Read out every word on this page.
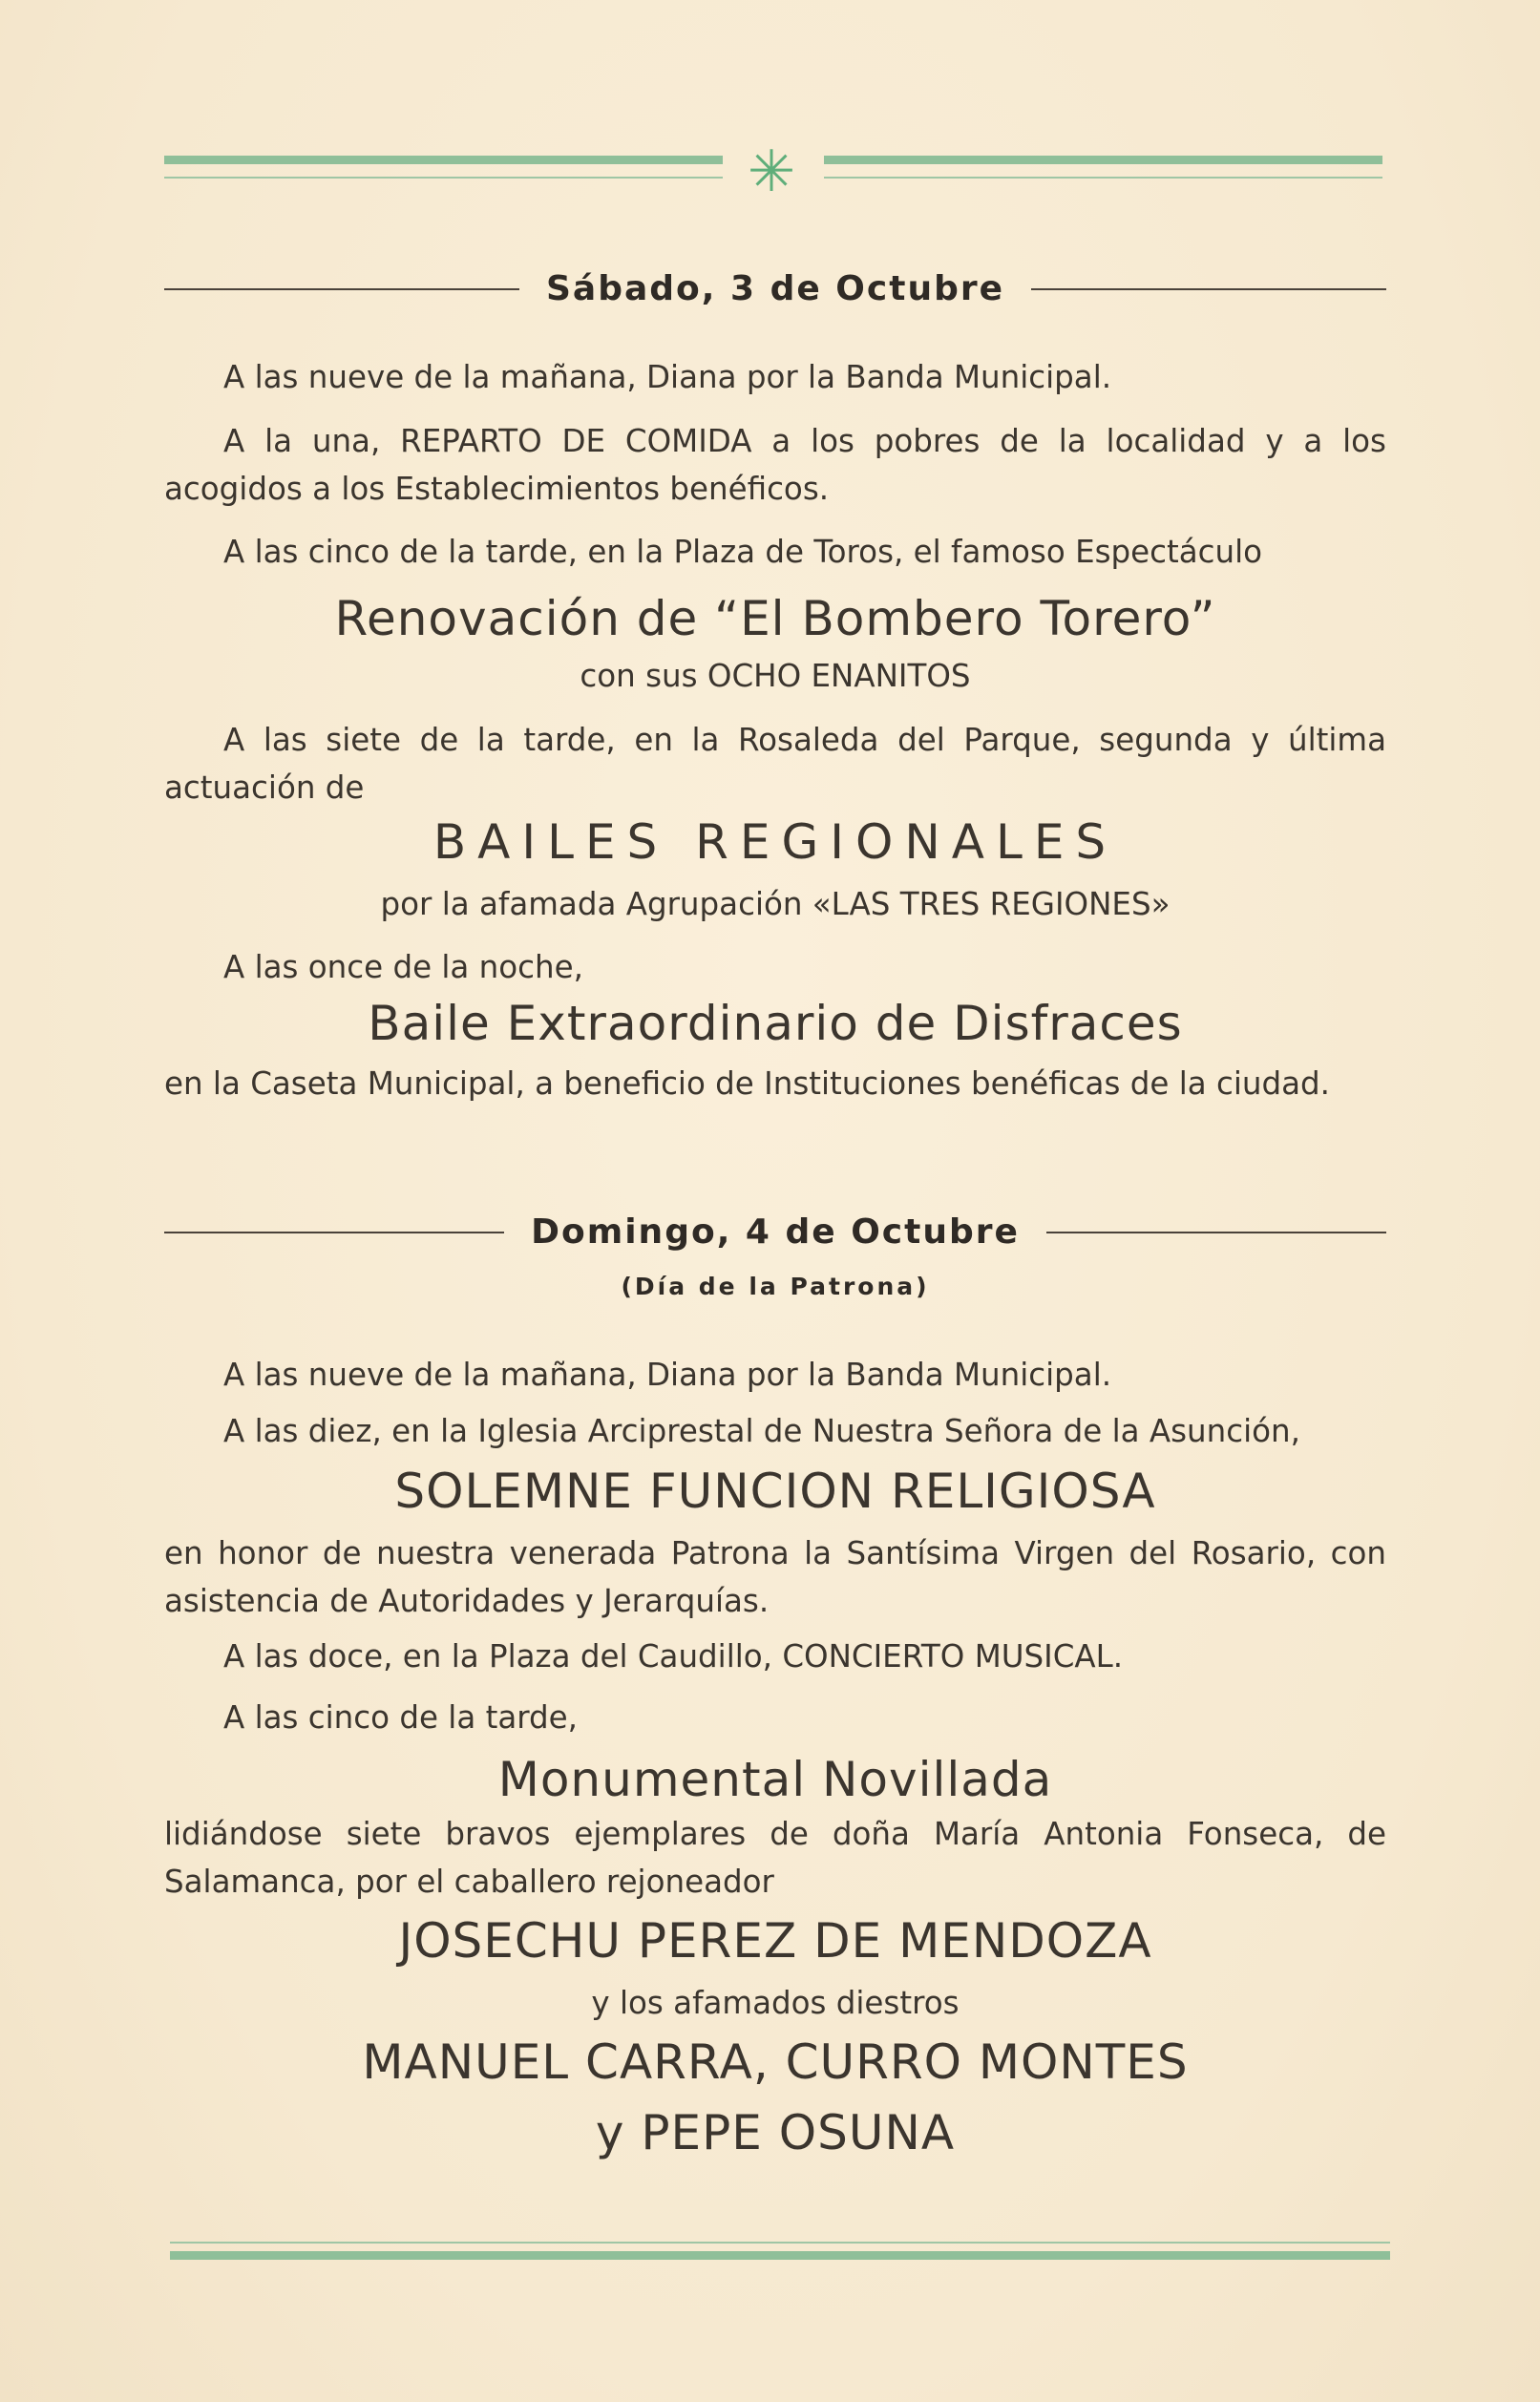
✳
Sábado, 3 de Octubre
A las nueve de la mañana, Diana por la Banda Municipal.
A la una, REPARTO DE COMIDA a los pobres de la localidad y a los acogidos a los Establecimientos benéficos.
A las cinco de la tarde, en la Plaza de Toros, el famoso Espectáculo
Renovación de “El Bombero Torero”
con sus OCHO ENANITOS
A las siete de la tarde, en la Rosaleda del Parque, segunda y última actuación de
BAILES REGIONALES
por la afamada Agrupación «LAS TRES REGIONES»
A las once de la noche,
Baile Extraordinario de Disfraces
en la Caseta Municipal, a beneficio de Instituciones benéficas de la ciudad.
Domingo, 4 de Octubre
(Día de la Patrona)
A las nueve de la mañana, Diana por la Banda Municipal.
A las diez, en la Iglesia Arciprestal de Nuestra Señora de la Asunción,
SOLEMNE FUNCION RELIGIOSA
en honor de nuestra venerada Patrona la Santísima Virgen del Rosario, con asistencia de Autoridades y Jerarquías.
A las doce, en la Plaza del Caudillo, CONCIERTO MUSICAL.
A las cinco de la tarde,
Monumental Novillada
lidiándose siete bravos ejemplares de doña María Antonia Fonseca, de Salamanca, por el caballero rejoneador
JOSECHU PEREZ DE MENDOZA
y los afamados diestros
MANUEL CARRA, CURRO MONTES
y PEPE OSUNA
